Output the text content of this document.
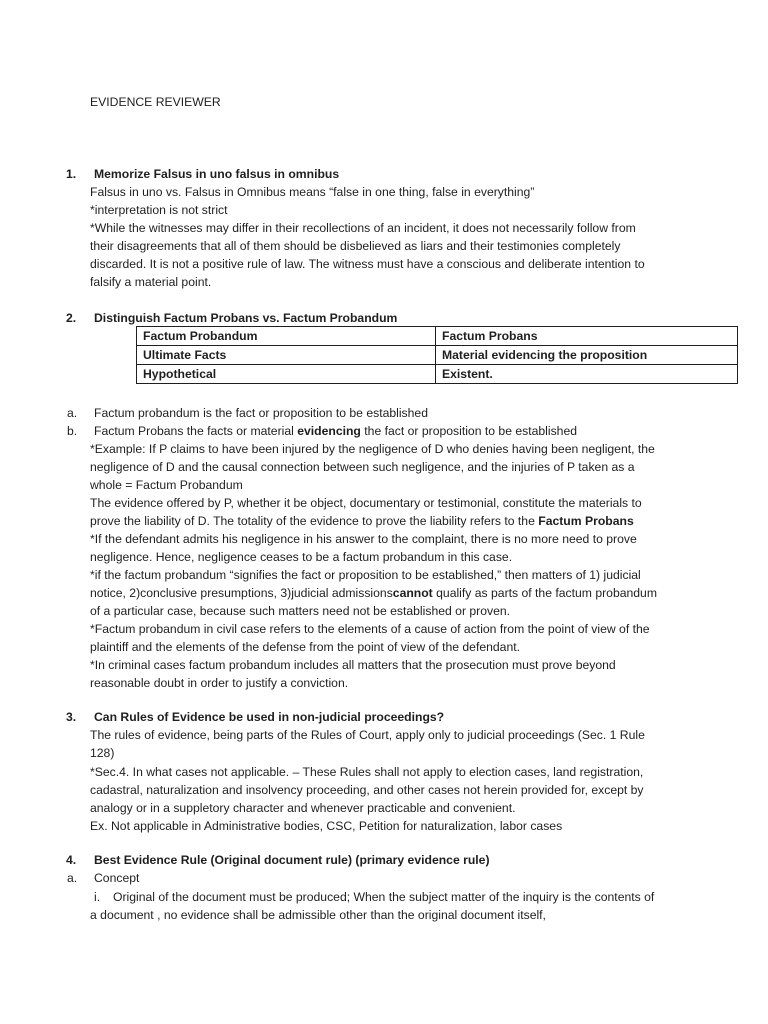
EVIDENCE REVIEWER
1. Memorize Falsus in uno falsus in omnibus
Falsus in uno vs. Falsus in Omnibus means “false in one thing, false in everything”
*interpretation is not strict
*While the witnesses may differ in their recollections of an incident, it does not necessarily follow from
their disagreements that all of them should be disbelieved as liars and their testimonies completely
discarded. It is not a positive rule of law. The witness must have a conscious and deliberate intention to
falsify a material point.
2. Distinguish Factum Probans vs. Factum Probandum
Factum Probandum	Factum Probans
Ultimate Facts	Material evidencing the proposition
Hypothetical	Existent.
a. Factum probandum is the fact or proposition to be established
b. Factum Probans the facts or material evidencing the fact or proposition to be established
*Example: If P claims to have been injured by the negligence of D who denies having been negligent, the
negligence of D and the causal connection between such negligence, and the injuries of P taken as a
whole = Factum Probandum
The evidence offered by P, whether it be object, documentary or testimonial, constitute the materials to
prove the liability of D. The totality of the evidence to prove the liability refers to the Factum Probans
*If the defendant admits his negligence in his answer to the complaint, there is no more need to prove
negligence. Hence, negligence ceases to be a factum probandum in this case.
*if the factum probandum “signifies the fact or proposition to be established,” then matters of 1) judicial
notice, 2)conclusive presumptions, 3)judicial admissionscannot qualify as parts of the factum probandum
of a particular case, because such matters need not be established or proven.
*Factum probandum in civil case refers to the elements of a cause of action from the point of view of the
plaintiff and the elements of the defense from the point of view of the defendant.
*In criminal cases factum probandum includes all matters that the prosecution must prove beyond
reasonable doubt in order to justify a conviction.
3. Can Rules of Evidence be used in non-judicial proceedings?
The rules of evidence, being parts of the Rules of Court, apply only to judicial proceedings (Sec. 1 Rule
128)
*Sec.4. In what cases not applicable. – These Rules shall not apply to election cases, land registration,
cadastral, naturalization and insolvency proceeding, and other cases not herein provided for, except by
analogy or in a suppletory character and whenever practicable and convenient.
Ex. Not applicable in Administrative bodies, CSC, Petition for naturalization, labor cases
4. Best Evidence Rule (Original document rule) (primary evidence rule)
a. Concept
i. Original of the document must be produced; When the subject matter of the inquiry is the contents of
a document , no evidence shall be admissible other than the original document itself,
